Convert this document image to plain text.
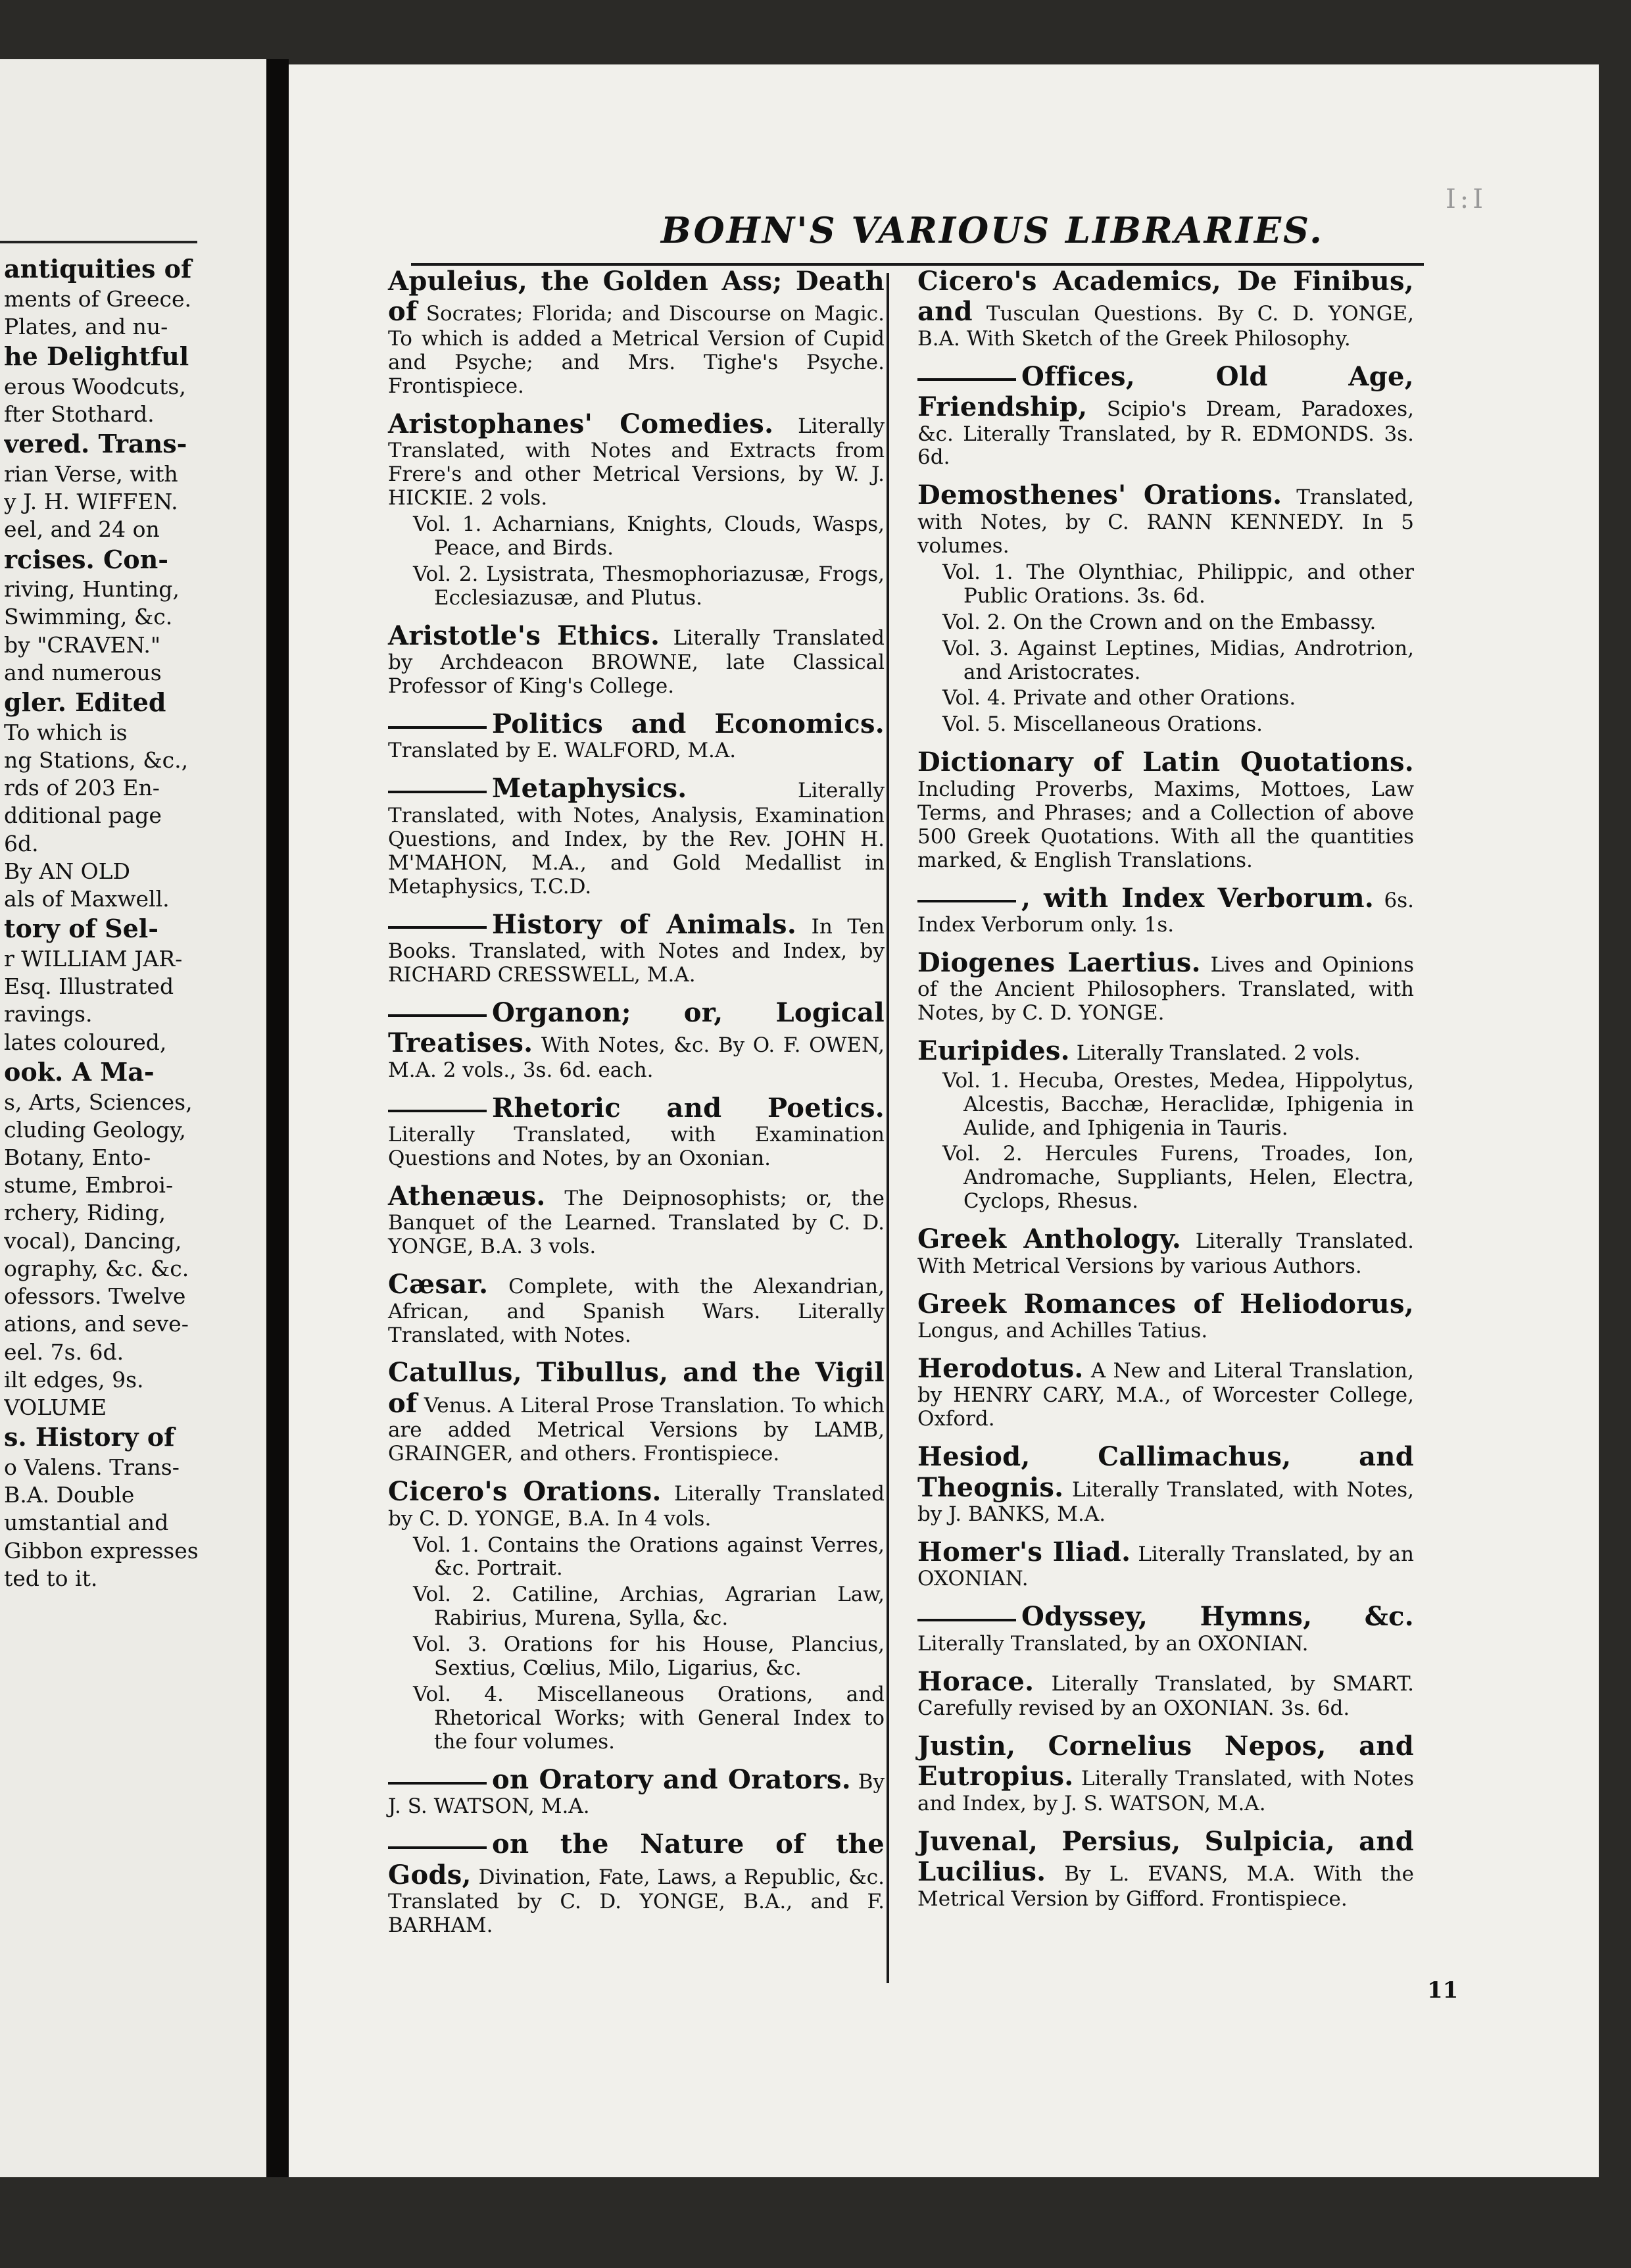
antiquities of
ments of Greece.
Plates, and nu-
he Delightful
erous Woodcuts,
fter Stothard.
vered. Trans-
rian Verse, with
y J. H. WIFFEN.
eel, and 24 on
rcises. Con-
riving, Hunting,
Swimming, &c.
by "CRAVEN."
and numerous
gler. Edited
To which is
ng Stations, &c.,
rds of 203 En-
dditional page
6d.
By AN OLD
als of Maxwell.
tory of Sel-
r WILLIAM JAR-
Esq. Illustrated
ravings.
lates coloured,
ook. A Ma-
s, Arts, Sciences,
cluding Geology,
Botany, Ento-
stume, Embroi-
rchery, Riding,
vocal), Dancing,
ography, &c. &c.
ofessors. Twelve
ations, and seve-
eel. 7s. 6d.
ilt edges, 9s.
VOLUME
s. History of
o Valens. Trans-
B.A. Double
umstantial and
Gibbon expresses
ted to it.
I:I
BOHN'S VARIOUS LIBRARIES.
Apuleius, the Golden Ass; Death of Socrates; Florida; and Discourse on Magic. To which is added a Metrical Version of Cupid and Psyche; and Mrs. Tighe's Psyche. Frontispiece.
Aristophanes' Comedies. Literally Translated, with Notes and Extracts from Frere's and other Metrical Versions, by W. J. HICKIE. 2 vols.
Vol. 1. Acharnians, Knights, Clouds, Wasps, Peace, and Birds.
Vol. 2. Lysistrata, Thesmophoriazusæ, Frogs, Ecclesiazusæ, and Plutus.
Aristotle's Ethics. Literally Translated by Archdeacon BROWNE, late Classical Professor of King's College.
Politics and Economics. Translated by E. WALFORD, M.A.
Metaphysics.	Literally Translated, with Notes, Analysis, Examination Questions, and Index, by the Rev. JOHN H. M'MAHON, M.A., and Gold Medallist in Metaphysics, T.C.D.
History of Animals. In Ten Books. Translated, with Notes and Index, by RICHARD CRESSWELL, M.A.
Organon; or, Logical Treatises. With Notes, &c. By O. F. OWEN, M.A. 2 vols., 3s. 6d. each.
Rhetoric and Poetics. Literally Translated, with Examination Questions and Notes, by an Oxonian.
Athenæus. The Deipnosophists; or, the Banquet of the Learned. Translated by C. D. YONGE, B.A. 3 vols.
Cæsar. Complete, with the Alexandrian, African, and Spanish Wars. Literally Translated, with Notes.
Catullus, Tibullus, and the Vigil of Venus. A Literal Prose Translation. To which are added Metrical Versions by LAMB, GRAINGER, and others. Frontispiece.
Cicero's Orations. Literally Translated by C. D. YONGE, B.A. In 4 vols.
Vol. 1. Contains the Orations against Verres, &c. Portrait.
Vol. 2. Catiline, Archias, Agrarian Law, Rabirius, Murena, Sylla, &c.
Vol. 3. Orations for his House, Plancius, Sextius, Cœlius, Milo, Ligarius, &c.
Vol. 4. Miscellaneous Orations, and Rhetorical Works; with General Index to the four volumes.
on Oratory and Orators. By J. S. WATSON, M.A.
on the Nature of the Gods, Divination, Fate, Laws, a Republic, &c. Translated by C. D. YONGE, B.A., and F. BARHAM.
Cicero's Academics, De Finibus, and Tusculan Questions. By C. D. YONGE, B.A. With Sketch of the Greek Philosophy.
Offices, Old Age, Friendship, Scipio's Dream, Paradoxes, &c. Literally Translated, by R. EDMONDS. 3s. 6d.
Demosthenes' Orations. Translated, with Notes, by C. RANN KENNEDY. In 5 volumes.
Vol. 1. The Olynthiac, Philippic, and other Public Orations. 3s. 6d.
Vol. 2. On the Crown and on the Embassy.
Vol. 3. Against Leptines, Midias, Androtrion, and Aristocrates.
Vol. 4. Private and other Orations.
Vol. 5. Miscellaneous Orations.
Dictionary of Latin Quotations. Including Proverbs, Maxims, Mottoes, Law Terms, and Phrases; and a Collection of above 500 Greek Quotations. With all the quantities marked, & English Translations.
, with Index Verborum. 6s. Index Verborum only. 1s.
Diogenes Laertius. Lives and Opinions of the Ancient Philosophers. Translated, with Notes, by C. D. YONGE.
Euripides. Literally Translated. 2 vols.
Vol. 1. Hecuba, Orestes, Medea, Hippolytus, Alcestis, Bacchæ, Heraclidæ, Iphigenia in Aulide, and Iphigenia in Tauris.
Vol. 2. Hercules Furens, Troades, Ion, Andromache, Suppliants, Helen, Electra, Cyclops, Rhesus.
Greek Anthology. Literally Translated. With Metrical Versions by various Authors.
Greek Romances of Heliodorus, Longus, and Achilles Tatius.
Herodotus. A New and Literal Translation, by HENRY CARY, M.A., of Worcester College, Oxford.
Hesiod, Callimachus, and Theognis. Literally Translated, with Notes, by J. BANKS, M.A.
Homer's Iliad. Literally Translated, by an OXONIAN.
Odyssey, Hymns, &c. Literally Translated, by an OXONIAN.
Horace. Literally Translated, by SMART. Carefully revised by an OXONIAN. 3s. 6d.
Justin, Cornelius Nepos, and Eutropius. Literally Translated, with Notes and Index, by J. S. WATSON, M.A.
Juvenal, Persius, Sulpicia, and Lucilius. By L. EVANS, M.A. With the Metrical Version by Gifford. Frontispiece.
11
